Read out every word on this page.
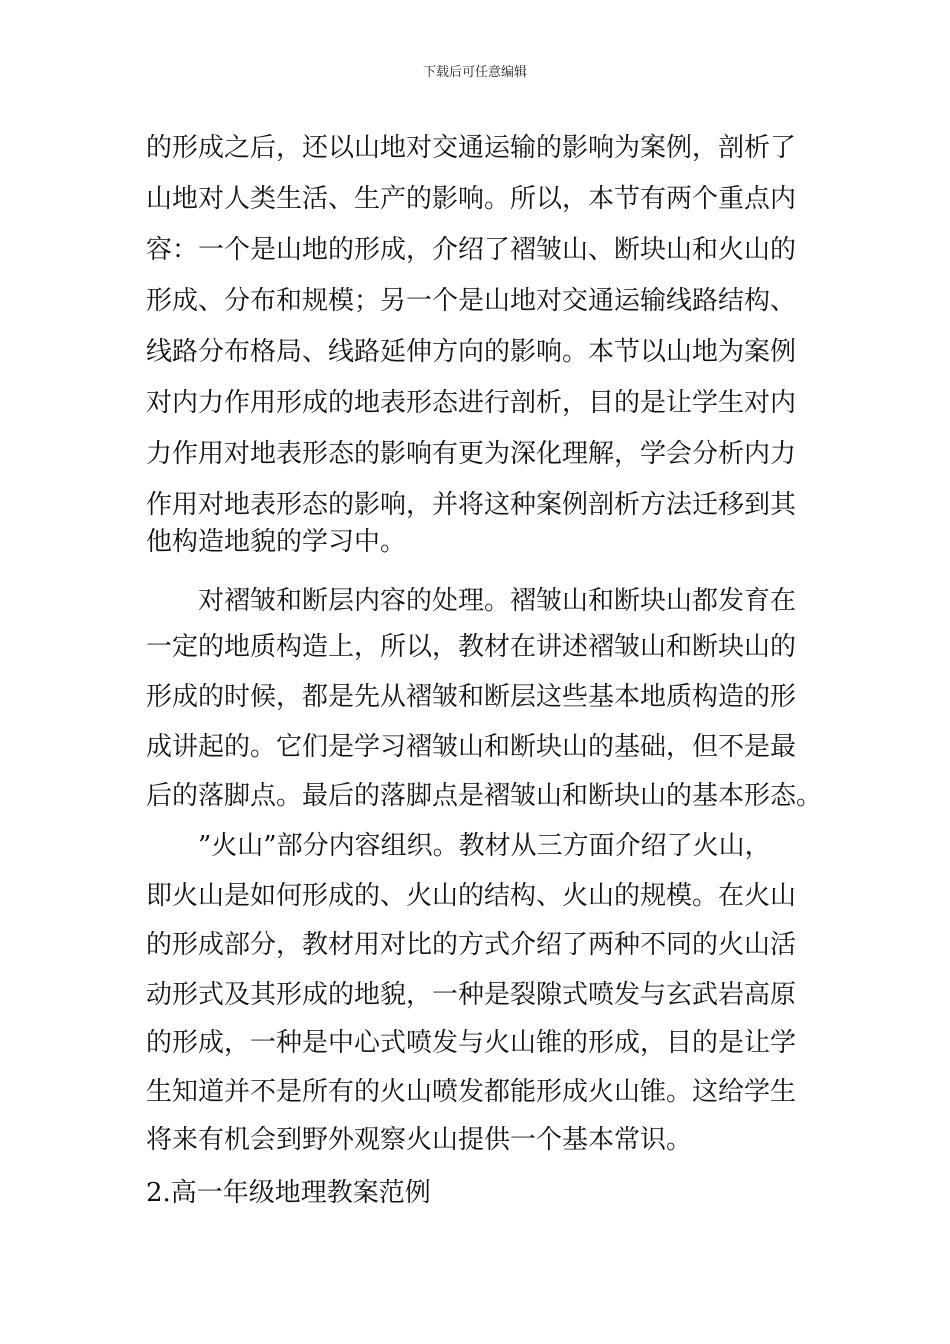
下载后可任意编辑
的形成之后，还以山地对交通运输的影响为案例，剖析了
山地对人类生活、生产的影响。所以，本节有两个重点内
容：一个是山地的形成，介绍了褶皱山、断块山和火山的
形成、分布和规模；另一个是山地对交通运输线路结构、
线路分布格局、线路延伸方向的影响。本节以山地为案例
对内力作用形成的地表形态进行剖析，目的是让学生对内
力作用对地表形态的影响有更为深化理解，学会分析内力
作用对地表形态的影响，并将这种案例剖析方法迁移到其
他构造地貌的学习中。
对褶皱和断层内容的处理。褶皱山和断块山都发育在
一定的地质构造上，所以，教材在讲述褶皱山和断块山的
形成的时候，都是先从褶皱和断层这些基本地质构造的形
成讲起的。它们是学习褶皱山和断块山的基础，但不是最
后的落脚点。最后的落脚点是褶皱山和断块山的基本形态。
”火山”部分内容组织。教材从三方面介绍了火山，
即火山是如何形成的、火山的结构、火山的规模。在火山
的形成部分，教材用对比的方式介绍了两种不同的火山活
动形式及其形成的地貌，一种是裂隙式喷发与玄武岩高原
的形成，一种是中心式喷发与火山锥的形成，目的是让学
生知道并不是所有的火山喷发都能形成火山锥。这给学生
将来有机会到野外观察火山提供一个基本常识。
2.高一年级地理教案范例
